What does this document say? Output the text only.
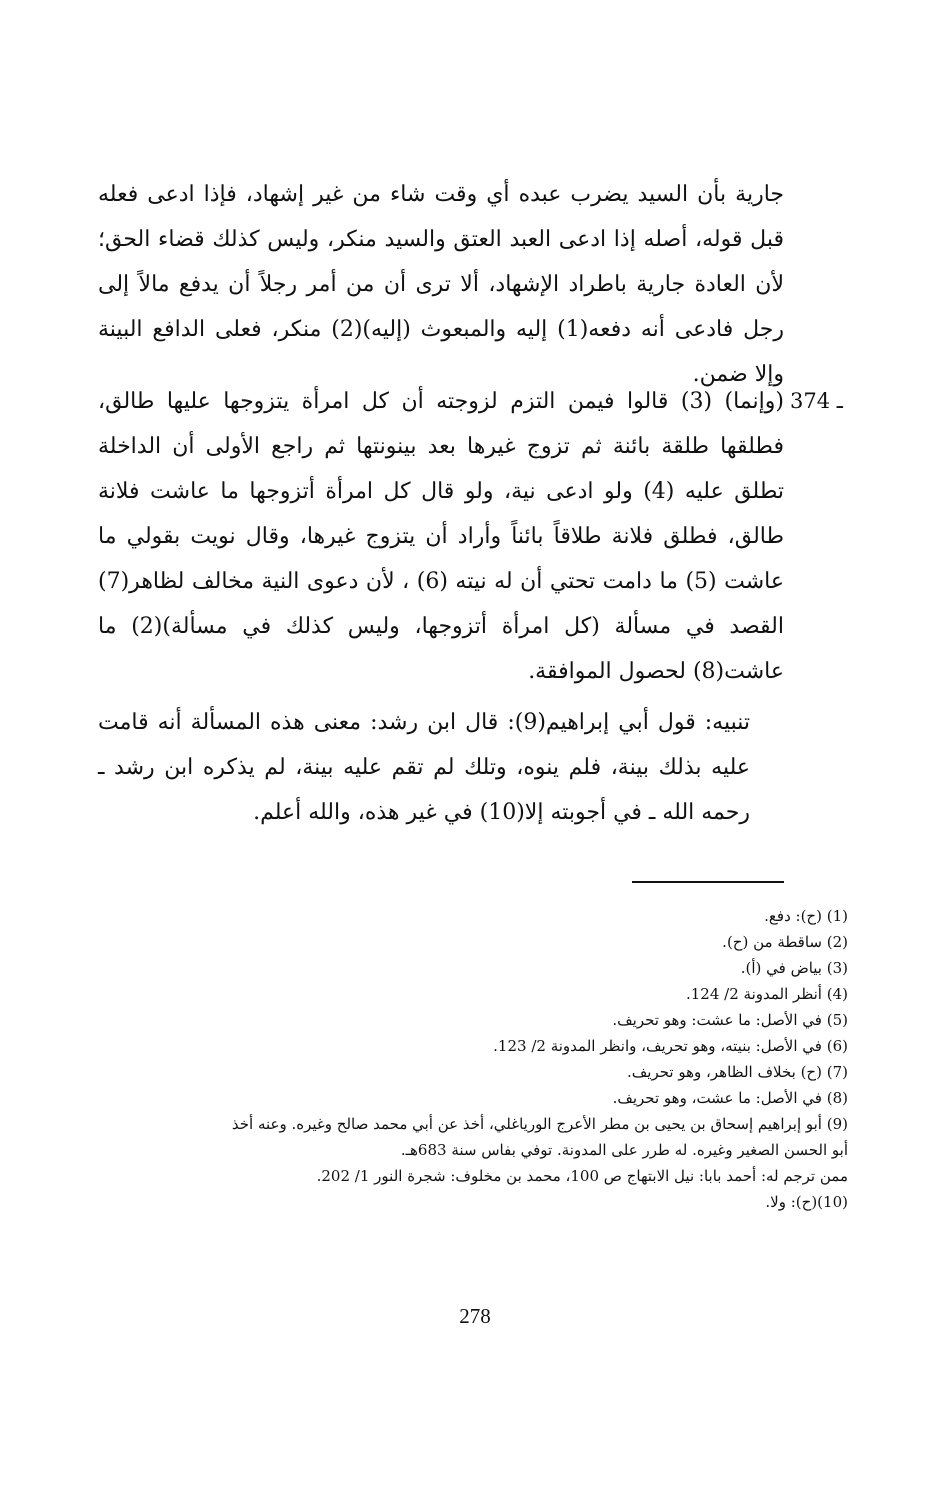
جارية بأن السيد يضرب عبده أي وقت شاء من غير إشهاد، فإذا ادعى فعله قبل قوله، أصله إذا ادعى العبد العتق والسيد منكر، وليس كذلك قضاء الحق؛ لأن العادة جارية باطراد الإشهاد، ألا ترى أن من أمر رجلاً أن يدفع مالاً إلى رجل فادعى أنه دفعه(1) إليه والمبعوث (إليه)(2) منكر، فعلى الدافع البينة وإلا ضمن.

374 ـ

(وإنما) (3) قالوا فيمن التزم لزوجته أن كل امرأة يتزوجها عليها طالق، فطلقها طلقة بائنة ثم تزوج غيرها بعد بينونتها ثم راجع الأولى أن الداخلة تطلق عليه (4) ولو ادعى نية، ولو قال كل امرأة أتزوجها ما عاشت فلانة طالق، فطلق فلانة طلاقاً بائناً وأراد أن يتزوج غيرها، وقال نويت بقولي ما عاشت (5) ما دامت تحتي أن له نيته (6) ، لأن دعوى النية مخالف لظاهر(7) القصد في مسألة (كل امرأة أتزوجها، وليس كذلك في مسألة)(2) ما عاشت(8) لحصول الموافقة.

تنبيه: قول أبي إبراهيم(9): قال ابن رشد: معنى هذه المسألة أنه قامت عليه بذلك بينة، فلم ينوه، وتلك لم تقم عليه بينة، لم يذكره ابن رشد ـ رحمه الله ـ في أجوبته إلا(10) في غير هذه، والله أعلم.

(1) (ح): دفع.
(2) ساقطة من (ح).
(3) بياض في (أ).
(4) أنظر المدونة 2/ 124.
(5) في الأصل: ما عشت: وهو تحريف.
(6) في الأصل: بنيته، وهو تحريف، وانظر المدونة 2/ 123.
(7) (ح) بخلاف الظاهر، وهو تحريف.
(8) في الأصل: ما عشت، وهو تحريف.
(9) أبو إبراهيم إسحاق بن يحيى بن مطر الأعرج الورياغلي، أخذ عن أبي محمد صالح وغيره. وعنه أخذ
أبو الحسن الصغير وغيره. له طرر على المدونة. توفي بفاس سنة 683هـ.
ممن ترجم له: أحمد بابا: نيل الابتهاج ص 100، محمد بن مخلوف: شجرة النور 1/ 202.
(10)(ح): ولا.
278
